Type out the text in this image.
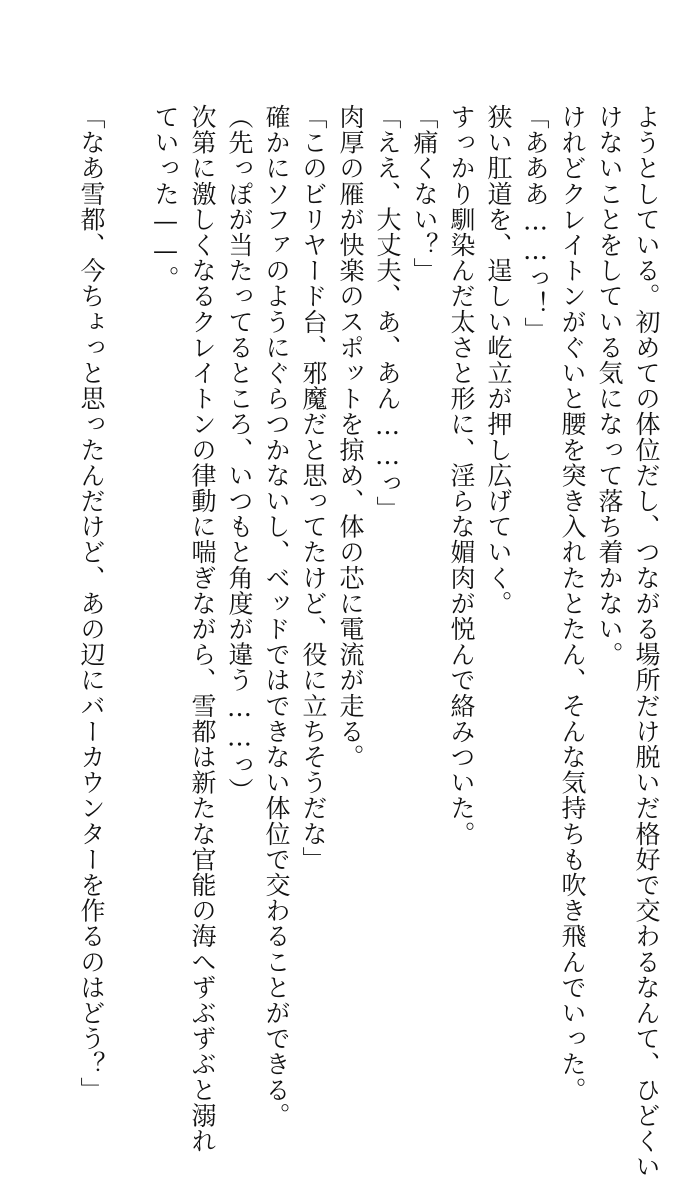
ようとしている。初めての体位だし、つながる場所だけ脱いだ格好で交わるなんて、ひどくい
けないことをしている気になって落ち着かない。
けれどクレイトンがぐいと腰を突き入れたとたん、そんな気持ちも吹き飛んでいった。
「あああ……っ！」
狭い肛道を、逞しい屹立が押し広げていく。
すっかり馴染んだ太さと形に、淫らな媚肉が悦んで絡みついた。
「痛くない？」
「ええ、大丈夫、あ、あん……っ」
肉厚の雁が快楽のスポットを掠め、体の芯に電流が走る。
「このビリヤード台、邪魔だと思ってたけど、役に立ちそうだな」
確かにソファのようにぐらつかないし、ベッドではできない体位で交わることができる。
（先っぽが当たってるところ、いつもと角度が違う……っ）
次第に激しくなるクレイトンの律動に喘ぎながら、雪都は新たな官能の海へずぶずぶと溺れ
ていった——。
「なあ雪都、今ちょっと思ったんだけど、あの辺にバーカウンターを作るのはどう？」
